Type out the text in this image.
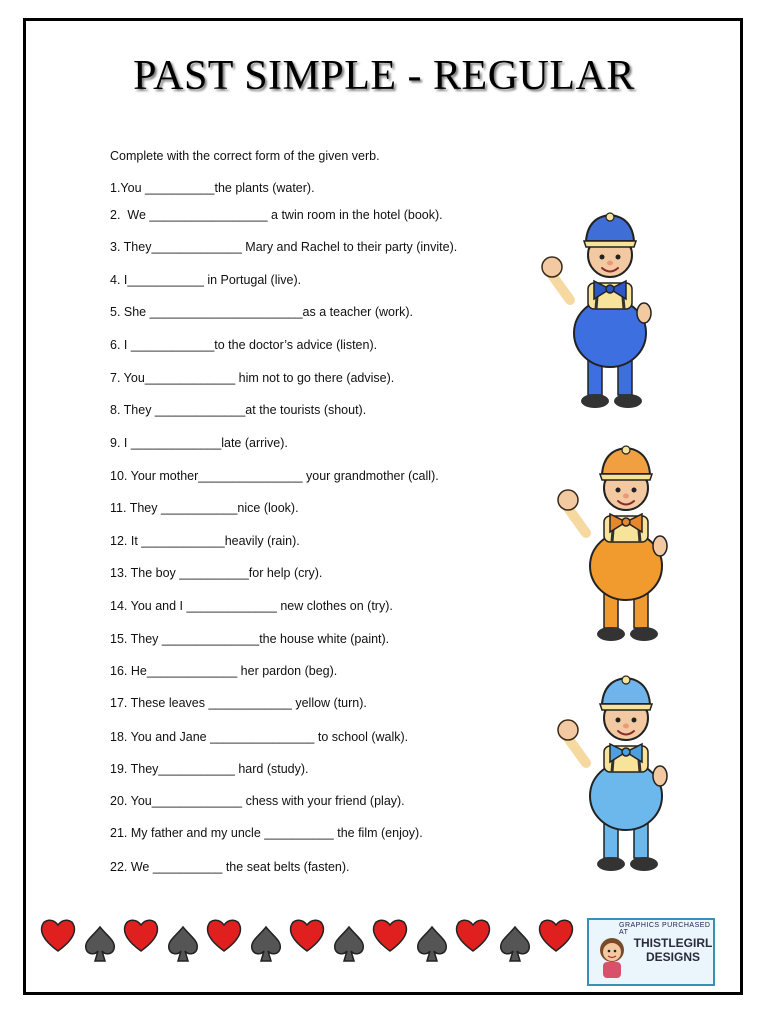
PAST SIMPLE - REGULAR

Complete with the correct form of the given verb.

1.You __________the plants (water).

2.  We _________________ a twin room in the hotel (book).

3. They_____________ Mary and Rachel to their party (invite).

4. I___________ in Portugal (live).

5. She ______________________as a teacher (work).

6. I ____________to the doctor’s advice (listen).

7. You_____________ him not to go there (advise).

8. They _____________at the tourists (shout).

9. I _____________late (arrive).

10. Your mother_______________ your grandmother (call).

11. They ___________nice (look).

12. It ____________heavily (rain).

13. The boy __________for help (cry).

14. You and I _____________ new clothes on (try).

15. They ______________the house white (paint).

16. He_____________ her pardon (beg).

17. These leaves ____________ yellow (turn).

18. You and Jane _______________ to school (walk).

19. They___________ hard (study).

20. You_____________ chess with your friend (play).

21. My father and my uncle __________ the film (enjoy).

22. We __________ the seat belts (fasten).

GRAPHICS PURCHASED AT
THISTLEGIRL
DESIGNS
